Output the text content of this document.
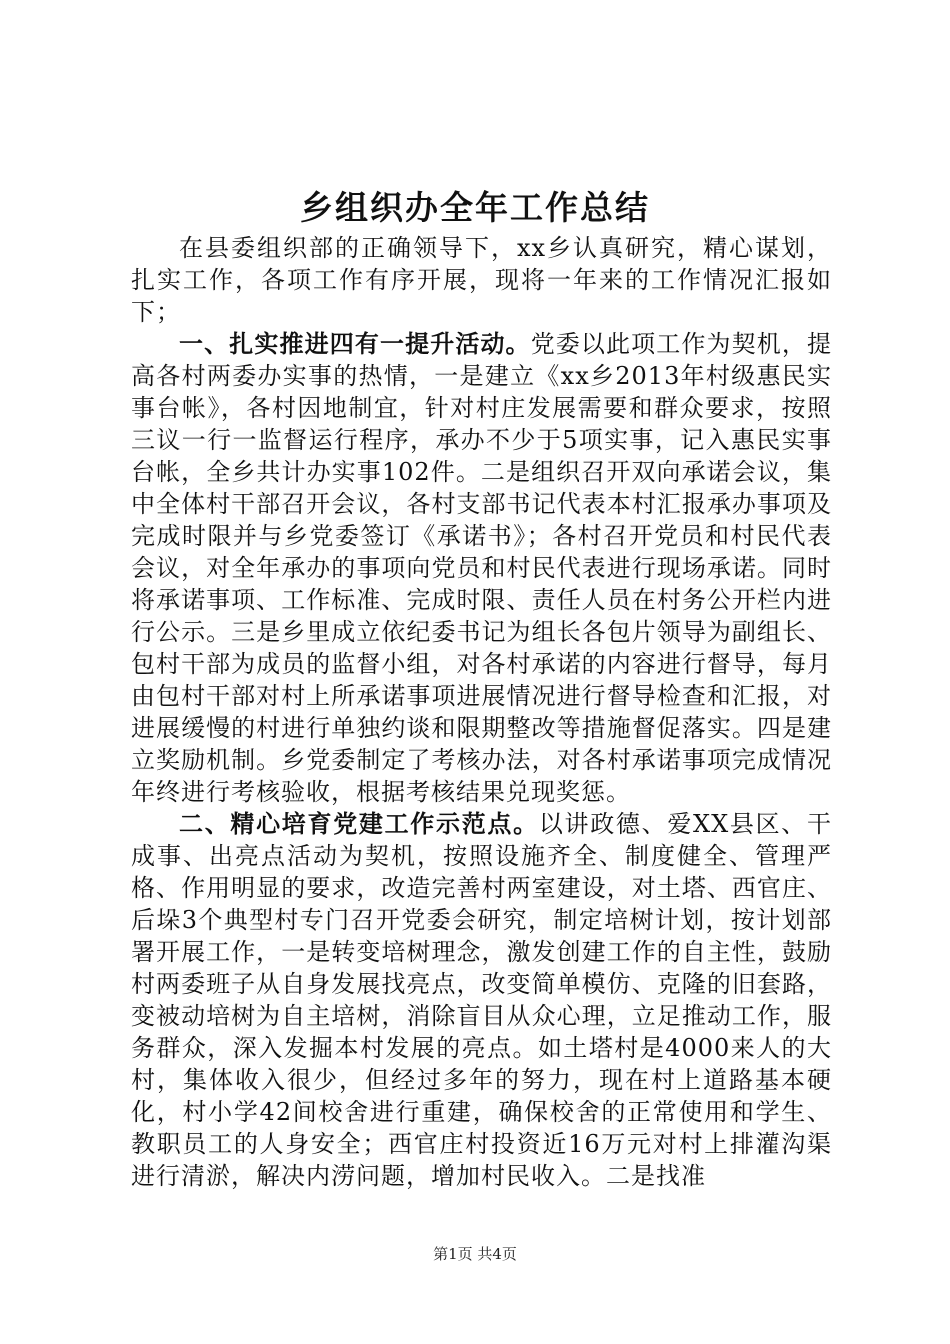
乡组织办全年工作总结

在县委组织部的正确领导下，xx乡认真研究，精心谋划，扎实工作，各项工作有序开展，现将一年来的工作情况汇报如下；

一、扎实推进四有一提升活动。党委以此项工作为契机，提高各村两委办实事的热情，一是建立《xx乡2013年村级惠民实事台帐》，各村因地制宜，针对村庄发展需要和群众要求，按照三议一行一监督运行程序，承办不少于5项实事，记入惠民实事台帐，全乡共计办实事102件。二是组织召开双向承诺会议，集中全体村干部召开会议，各村支部书记代表本村汇报承办事项及完成时限并与乡党委签订《承诺书》；各村召开党员和村民代表会议，对全年承办的事项向党员和村民代表进行现场承诺。同时将承诺事项、工作标准、完成时限、责任人员在村务公开栏内进行公示。三是乡里成立依纪委书记为组长各包片领导为副组长、包村干部为成员的监督小组，对各村承诺的内容进行督导，每月由包村干部对村上所承诺事项进展情况进行督导检查和汇报，对进展缓慢的村进行单独约谈和限期整改等措施督促落实。四是建立奖励机制。乡党委制定了考核办法，对各村承诺事项完成情况年终进行考核验收，根据考核结果兑现奖惩。

二、精心培育党建工作示范点。以讲政德、爱XX县区、干成事、出亮点活动为契机，按照设施齐全、制度健全、管理严格、作用明显的要求，改造完善村两室建设，对土塔、西官庄、后垛3个典型村专门召开党委会研究，制定培树计划，按计划部署开展工作，一是转变培树理念，激发创建工作的自主性，鼓励村两委班子从自身发展找亮点，改变简单模仿、克隆的旧套路，变被动培树为自主培树，消除盲目从众心理，立足推动工作，服务群众，深入发掘本村发展的亮点。如土塔村是4000来人的大村，集体收入很少，但经过多年的努力，现在村上道路基本硬化，村小学42间校舍进行重建，确保校舍的正常使用和学生、教职员工的人身安全；西官庄村投资近16万元对村上排灌沟渠进行清淤，解决内涝问题，增加村民收入。二是找准

第1页 共4页
